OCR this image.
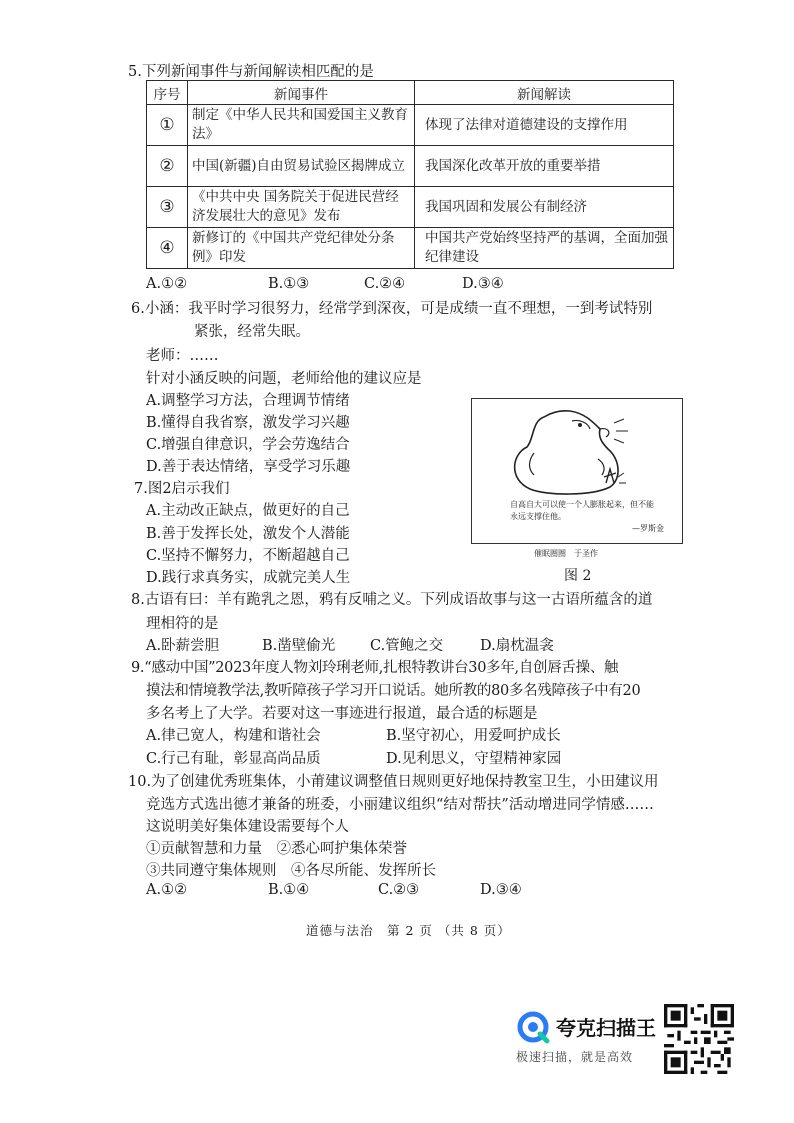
5.下列新闻事件与新闻解读相匹配的是
序号	新闻事件	新闻解读
①	制定《中华人民共和国爱国主义教育法》	体现了法律对道德建设的支撑作用
②	中国(新疆)自由贸易试验区揭牌成立	我国深化改革开放的重要举措
③	《中共中央 国务院关于促进民营经济发展壮大的意见》发布	我国巩固和发展公有制经济
④	新修订的《中国共产党纪律处分条例》印发	中国共产党始终坚持严的基调，全面加强纪律建设
A.①②	B.①③	C.②④	D.③④
6.小涵：我平时学习很努力，经常学到深夜，可是成绩一直不理想，一到考试特别
紧张，经常失眠。
老师：……
针对小涵反映的问题，老师给他的建议应是
A.调整学习方法，合理调节情绪
B.懂得自我省察，激发学习兴趣
C.增强自律意识，学会劳逸结合
D.善于表达情绪，享受学习乐趣
7.图2启示我们
A.主动改正缺点，做更好的自己
B.善于发挥长处，激发个人潜能
C.坚持不懈努力，不断超越自己
D.践行求真务实，成就完美人生
自高自大可以使一个人膨胀起来，但不能
永远支撑住他。
—罗斯金
催眠圈圈　于圣作
图 2
8.古语有曰：羊有跪乳之恩，鸦有反哺之义。下列成语故事与这一古语所蕴含的道
理相符的是
A.卧薪尝胆	B.凿壁偷光 C.管鲍之交	D.扇枕温衾
9.“感动中国”2023年度人物刘玲琍老师,扎根特教讲台30多年,自创唇舌操、触
摸法和情境教学法,教听障孩子学习开口说话。她所教的80多名残障孩子中有20
多名考上了大学。若要对这一事迹进行报道，最合适的标题是
A.律己宽人，构建和谐社会	B.坚守初心，用爱呵护成长
C.行己有耻，彰显高尚品质	D.见利思义，守望精神家园
10.为了创建优秀班集体，小莆建议调整值日规则更好地保持教室卫生，小田建议用
竞选方式选出德才兼备的班委，小丽建议组织“结对帮扶”活动增进同学情感……
这说明美好集体建设需要每个人
①贡献智慧和力量　②悉心呵护集体荣誉
③共同遵守集体规则　④各尽所能、发挥所长
A.①②	B.①④	C.②③	D.③④
道德与法治　第 2 页 （共 8 页）
夸克扫描王
极速扫描，就是高效
